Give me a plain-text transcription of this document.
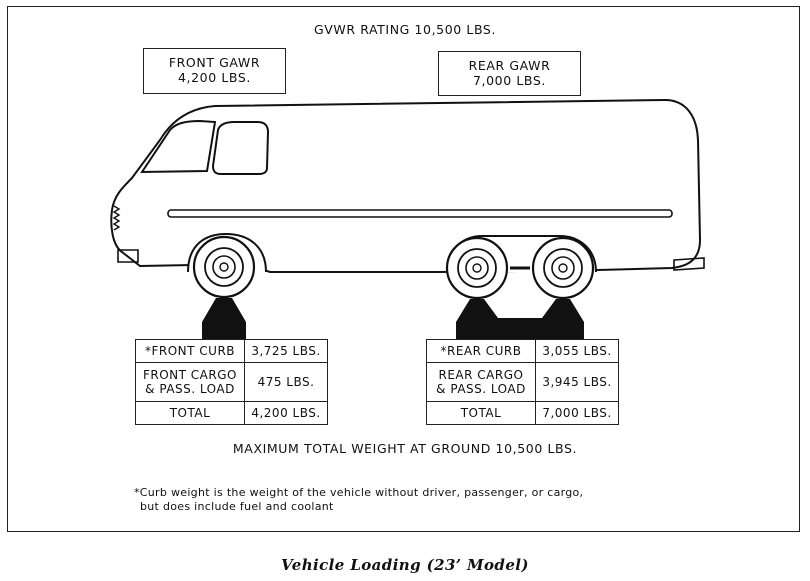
GVWR RATING 10,500 LBS.
FRONT GAWR
4,200 LBS.
REAR GAWR
7,000 LBS.
*FRONT CURB	3,725 LBS.
FRONT CARGO
& PASS. LOAD	475 LBS.
TOTAL	4,200 LBS.
*REAR CURB	3,055 LBS.
REAR CARGO
& PASS. LOAD	3,945 LBS.
TOTAL	7,000 LBS.
MAXIMUM TOTAL WEIGHT AT GROUND 10,500 LBS.
*Curb weight is the weight of the vehicle without driver, passenger, or cargo,
but does include fuel and coolant
Vehicle Loading (23’ Model)
